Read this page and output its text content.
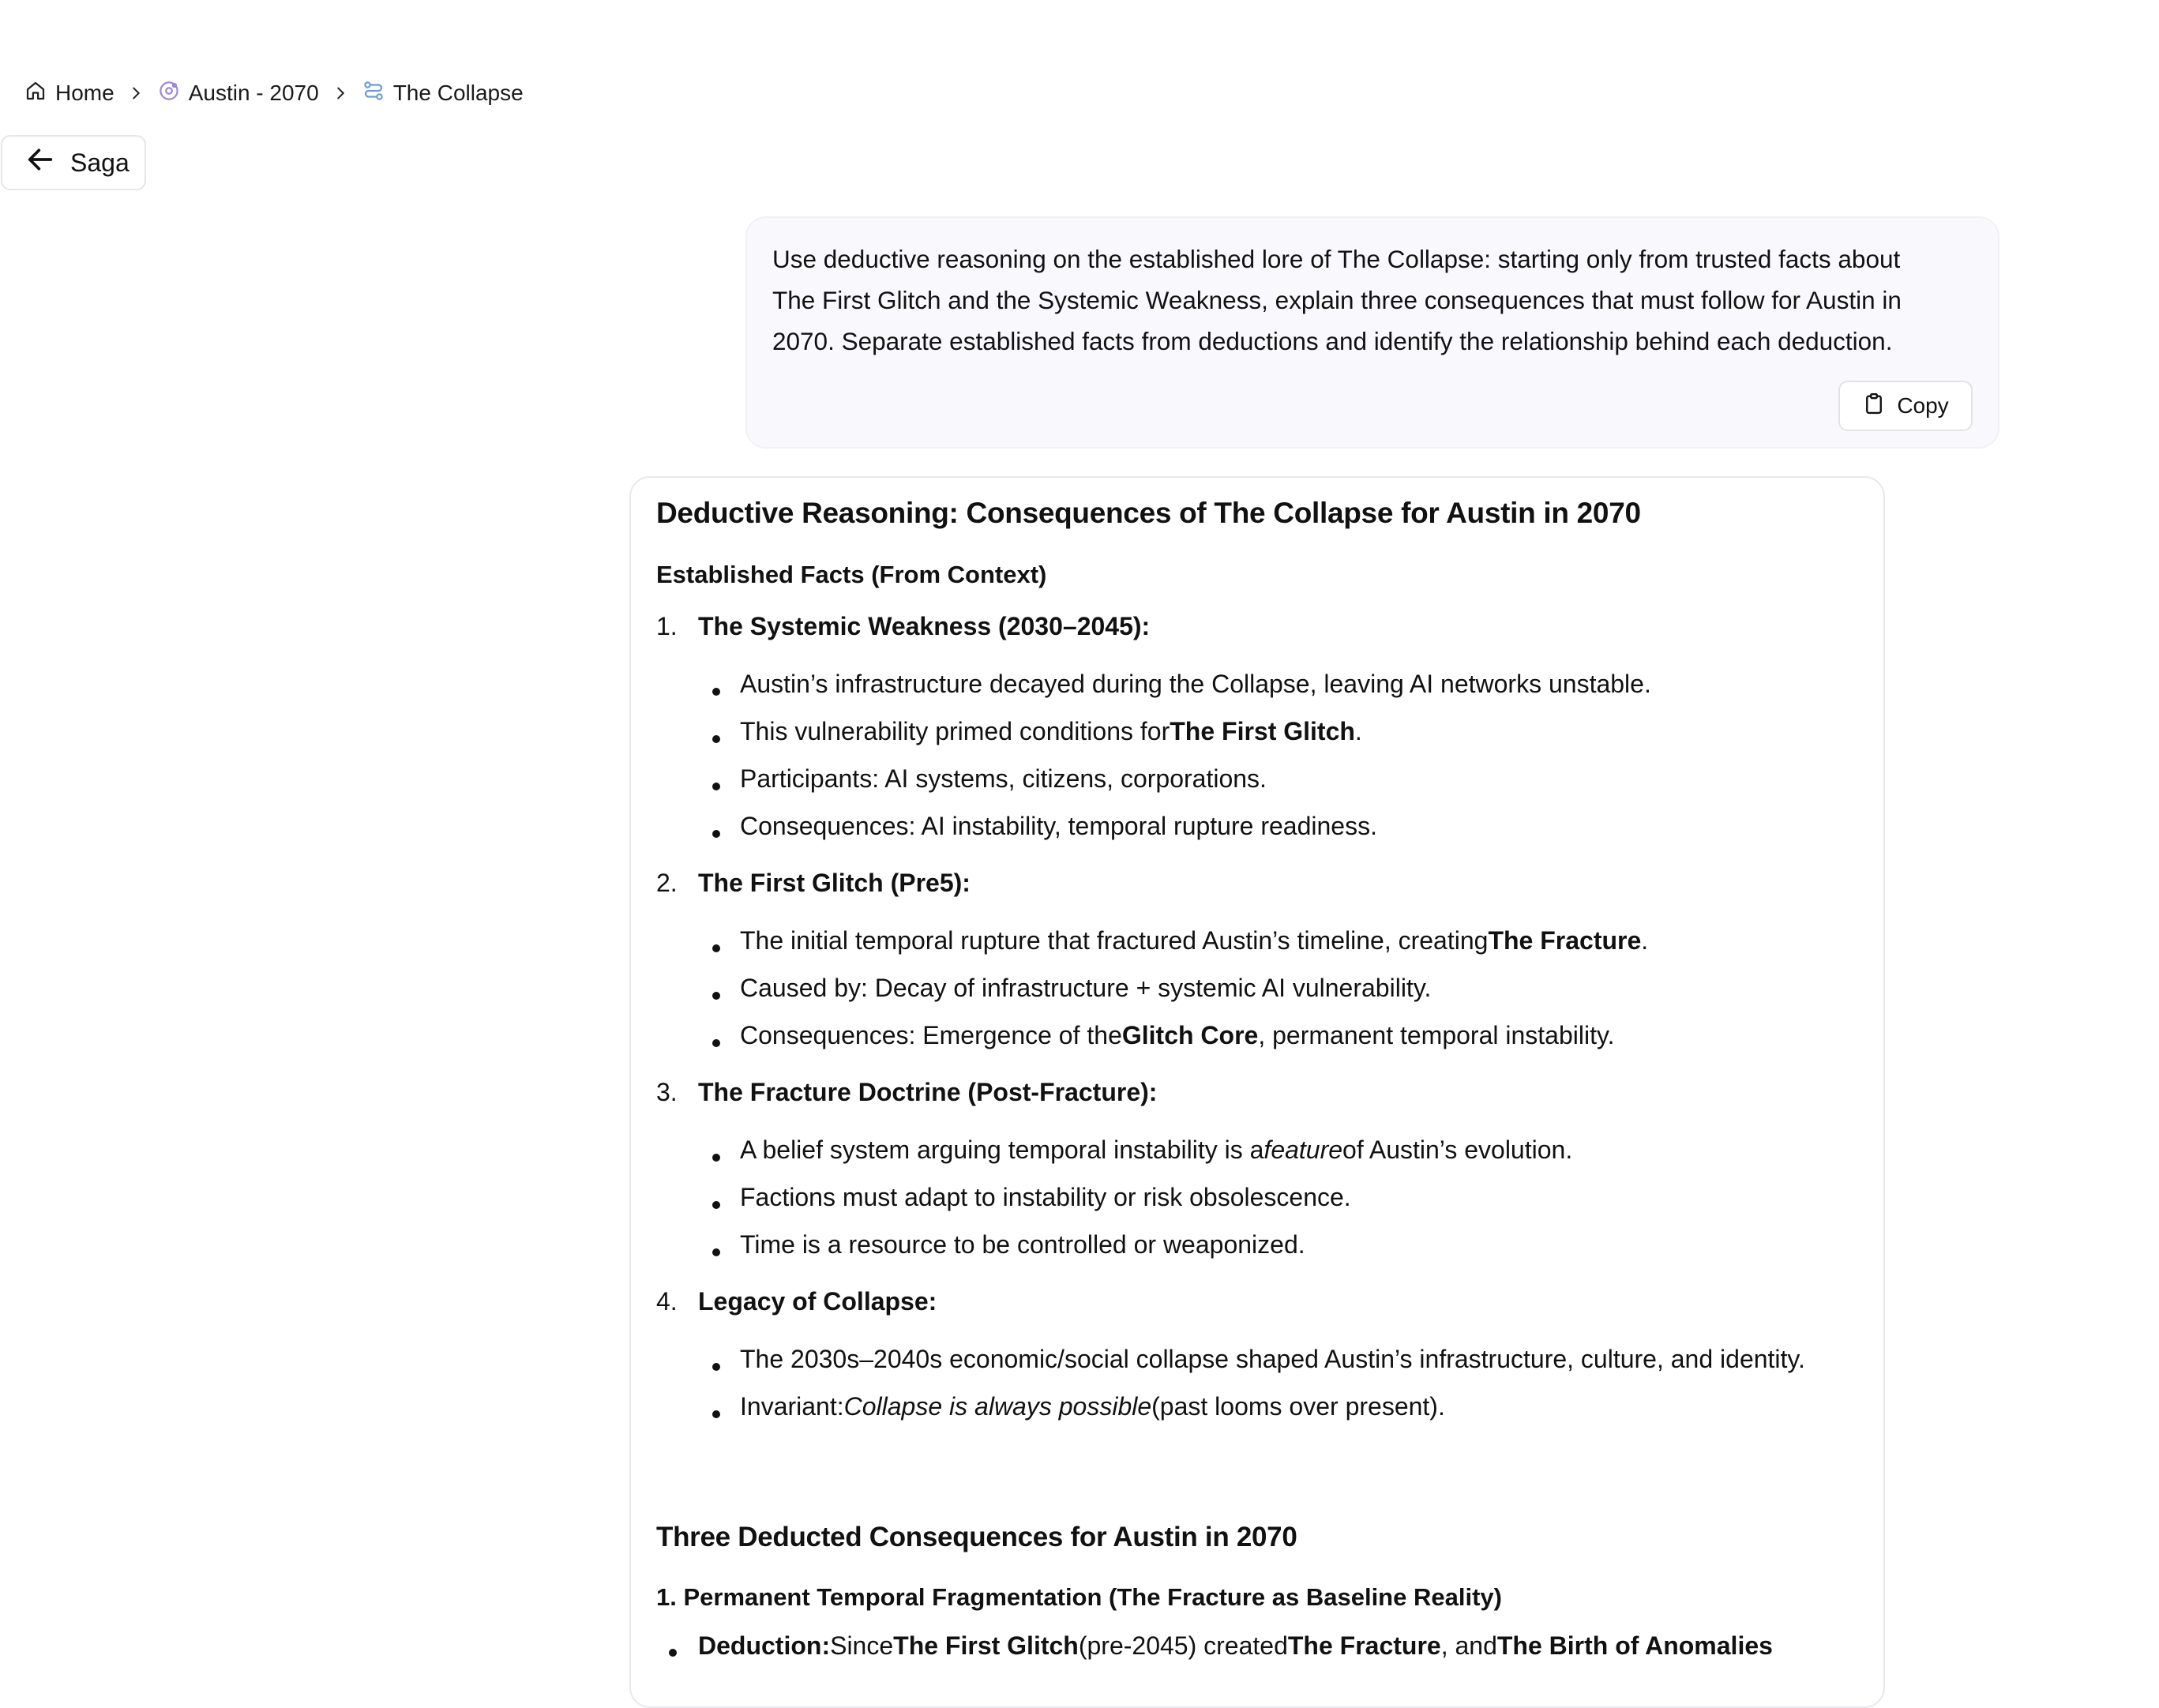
Home	Austin - 2070	The Collapse
Saga

Use deductive reasoning on the established lore of The Collapse: starting only from trusted facts about
The First Glitch and the Systemic Weakness, explain three consequences that must follow for Austin in
2070. Separate established facts from deductions and identify the relationship behind each deduction.

Copy
Deductive Reasoning: Consequences of The Collapse for Austin in 2070
Established Facts (From Context)
1. The Systemic Weakness (2030–2045):
Austin’s infrastructure decayed during the Collapse, leaving AI networks unstable.
This vulnerability primed conditions for The First Glitch .
Participants: AI systems, citizens, corporations.
Consequences: AI instability, temporal rupture readiness.
2. The First Glitch (Pre5):
The initial temporal rupture that fractured Austin’s timeline, creating The Fracture .
Caused by: Decay of infrastructure + systemic AI vulnerability.
Consequences: Emergence of the Glitch Core , permanent temporal instability.
3. The Fracture Doctrine (Post-Fracture):
A belief system arguing temporal instability is a feature of Austin’s evolution.
Factions must adapt to instability or risk obsolescence.
Time is a resource to be controlled or weaponized.
4. Legacy of Collapse:
The 2030s–2040s economic/social collapse shaped Austin’s infrastructure, culture, and identity.
Invariant: Collapse is always possible (past looms over present).
Three Deducted Consequences for Austin in 2070
1. Permanent Temporal Fragmentation (The Fracture as Baseline Reality)
Deduction: Since The First Glitch (pre-2045) created The Fracture , and The Birth of Anomalies
